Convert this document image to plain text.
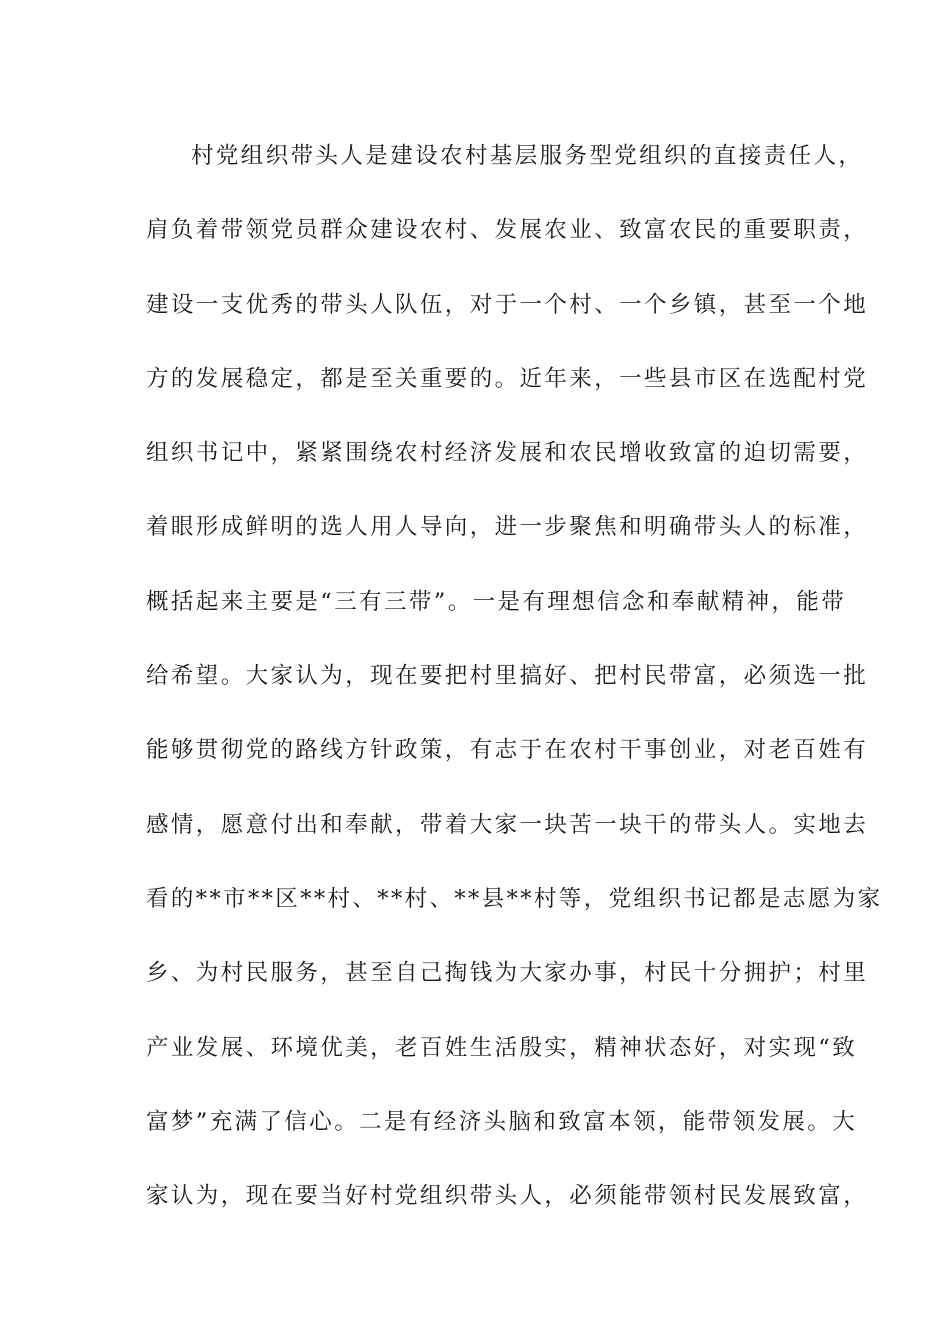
村党组织带头人是建设农村基层服务型党组织的直接责任人，
肩负着带领党员群众建设农村、发展农业、致富农民的重要职责，
建设一支优秀的带头人队伍，对于一个村、一个乡镇，甚至一个地
方的发展稳定，都是至关重要的。近年来，一些县市区在选配村党
组织书记中，紧紧围绕农村经济发展和农民增收致富的迫切需要，
着眼形成鲜明的选人用人导向，进一步聚焦和明确带头人的标准，
概括起来主要是“三有三带”。一是有理想信念和奉献精神，能带
给希望。大家认为，现在要把村里搞好、把村民带富，必须选一批
能够贯彻党的路线方针政策，有志于在农村干事创业，对老百姓有
感情，愿意付出和奉献，带着大家一块苦一块干的带头人。实地去
看的**市**区**村、**村、**县**村等，党组织书记都是志愿为家
乡、为村民服务，甚至自己掏钱为大家办事，村民十分拥护；村里
产业发展、环境优美，老百姓生活殷实，精神状态好，对实现“致
富梦”充满了信心。二是有经济头脑和致富本领，能带领发展。大
家认为，现在要当好村党组织带头人，必须能带领村民发展致富，
